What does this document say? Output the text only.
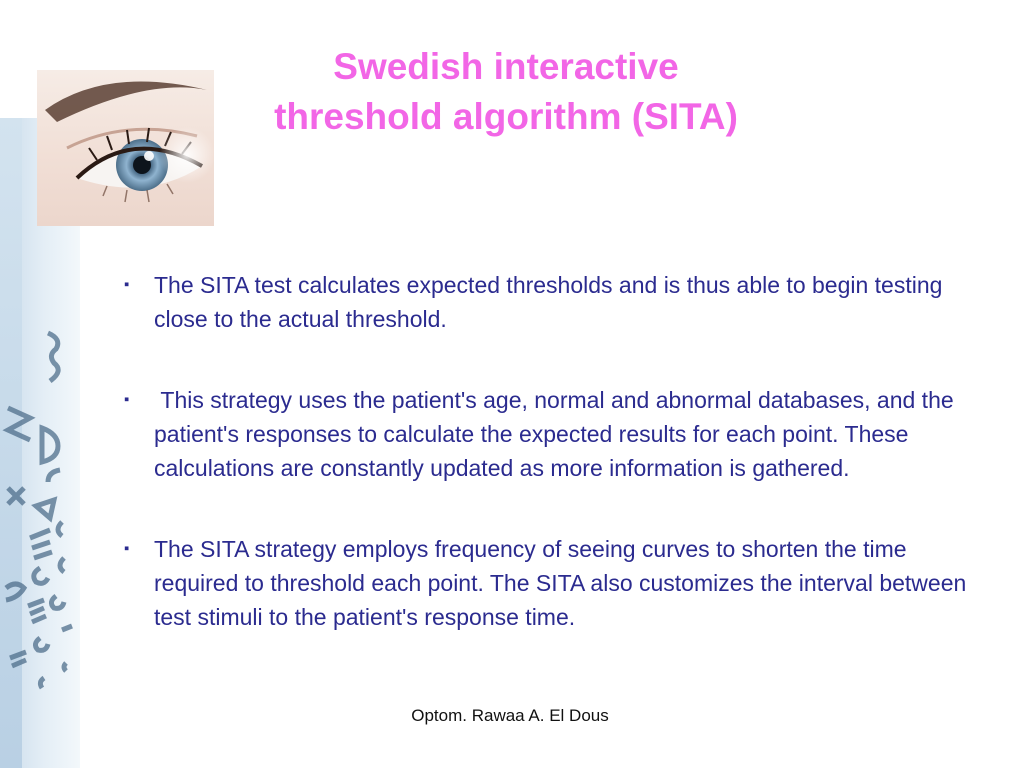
Swedish interactive
threshold algorithm (SITA)
▪ The SITA test calculates expected thresholds and is thus able to begin testing close to the actual threshold.
▪ This strategy uses the patient's age, normal and abnormal databases, and the patient's responses to calculate the expected results for each point. These calculations are constantly updated as more information is gathered.
▪ The SITA strategy employs frequency of seeing curves to shorten the time required to threshold each point. The SITA also customizes the interval between test stimuli to the patient's response time.
Optom. Rawaa A. El Dous
